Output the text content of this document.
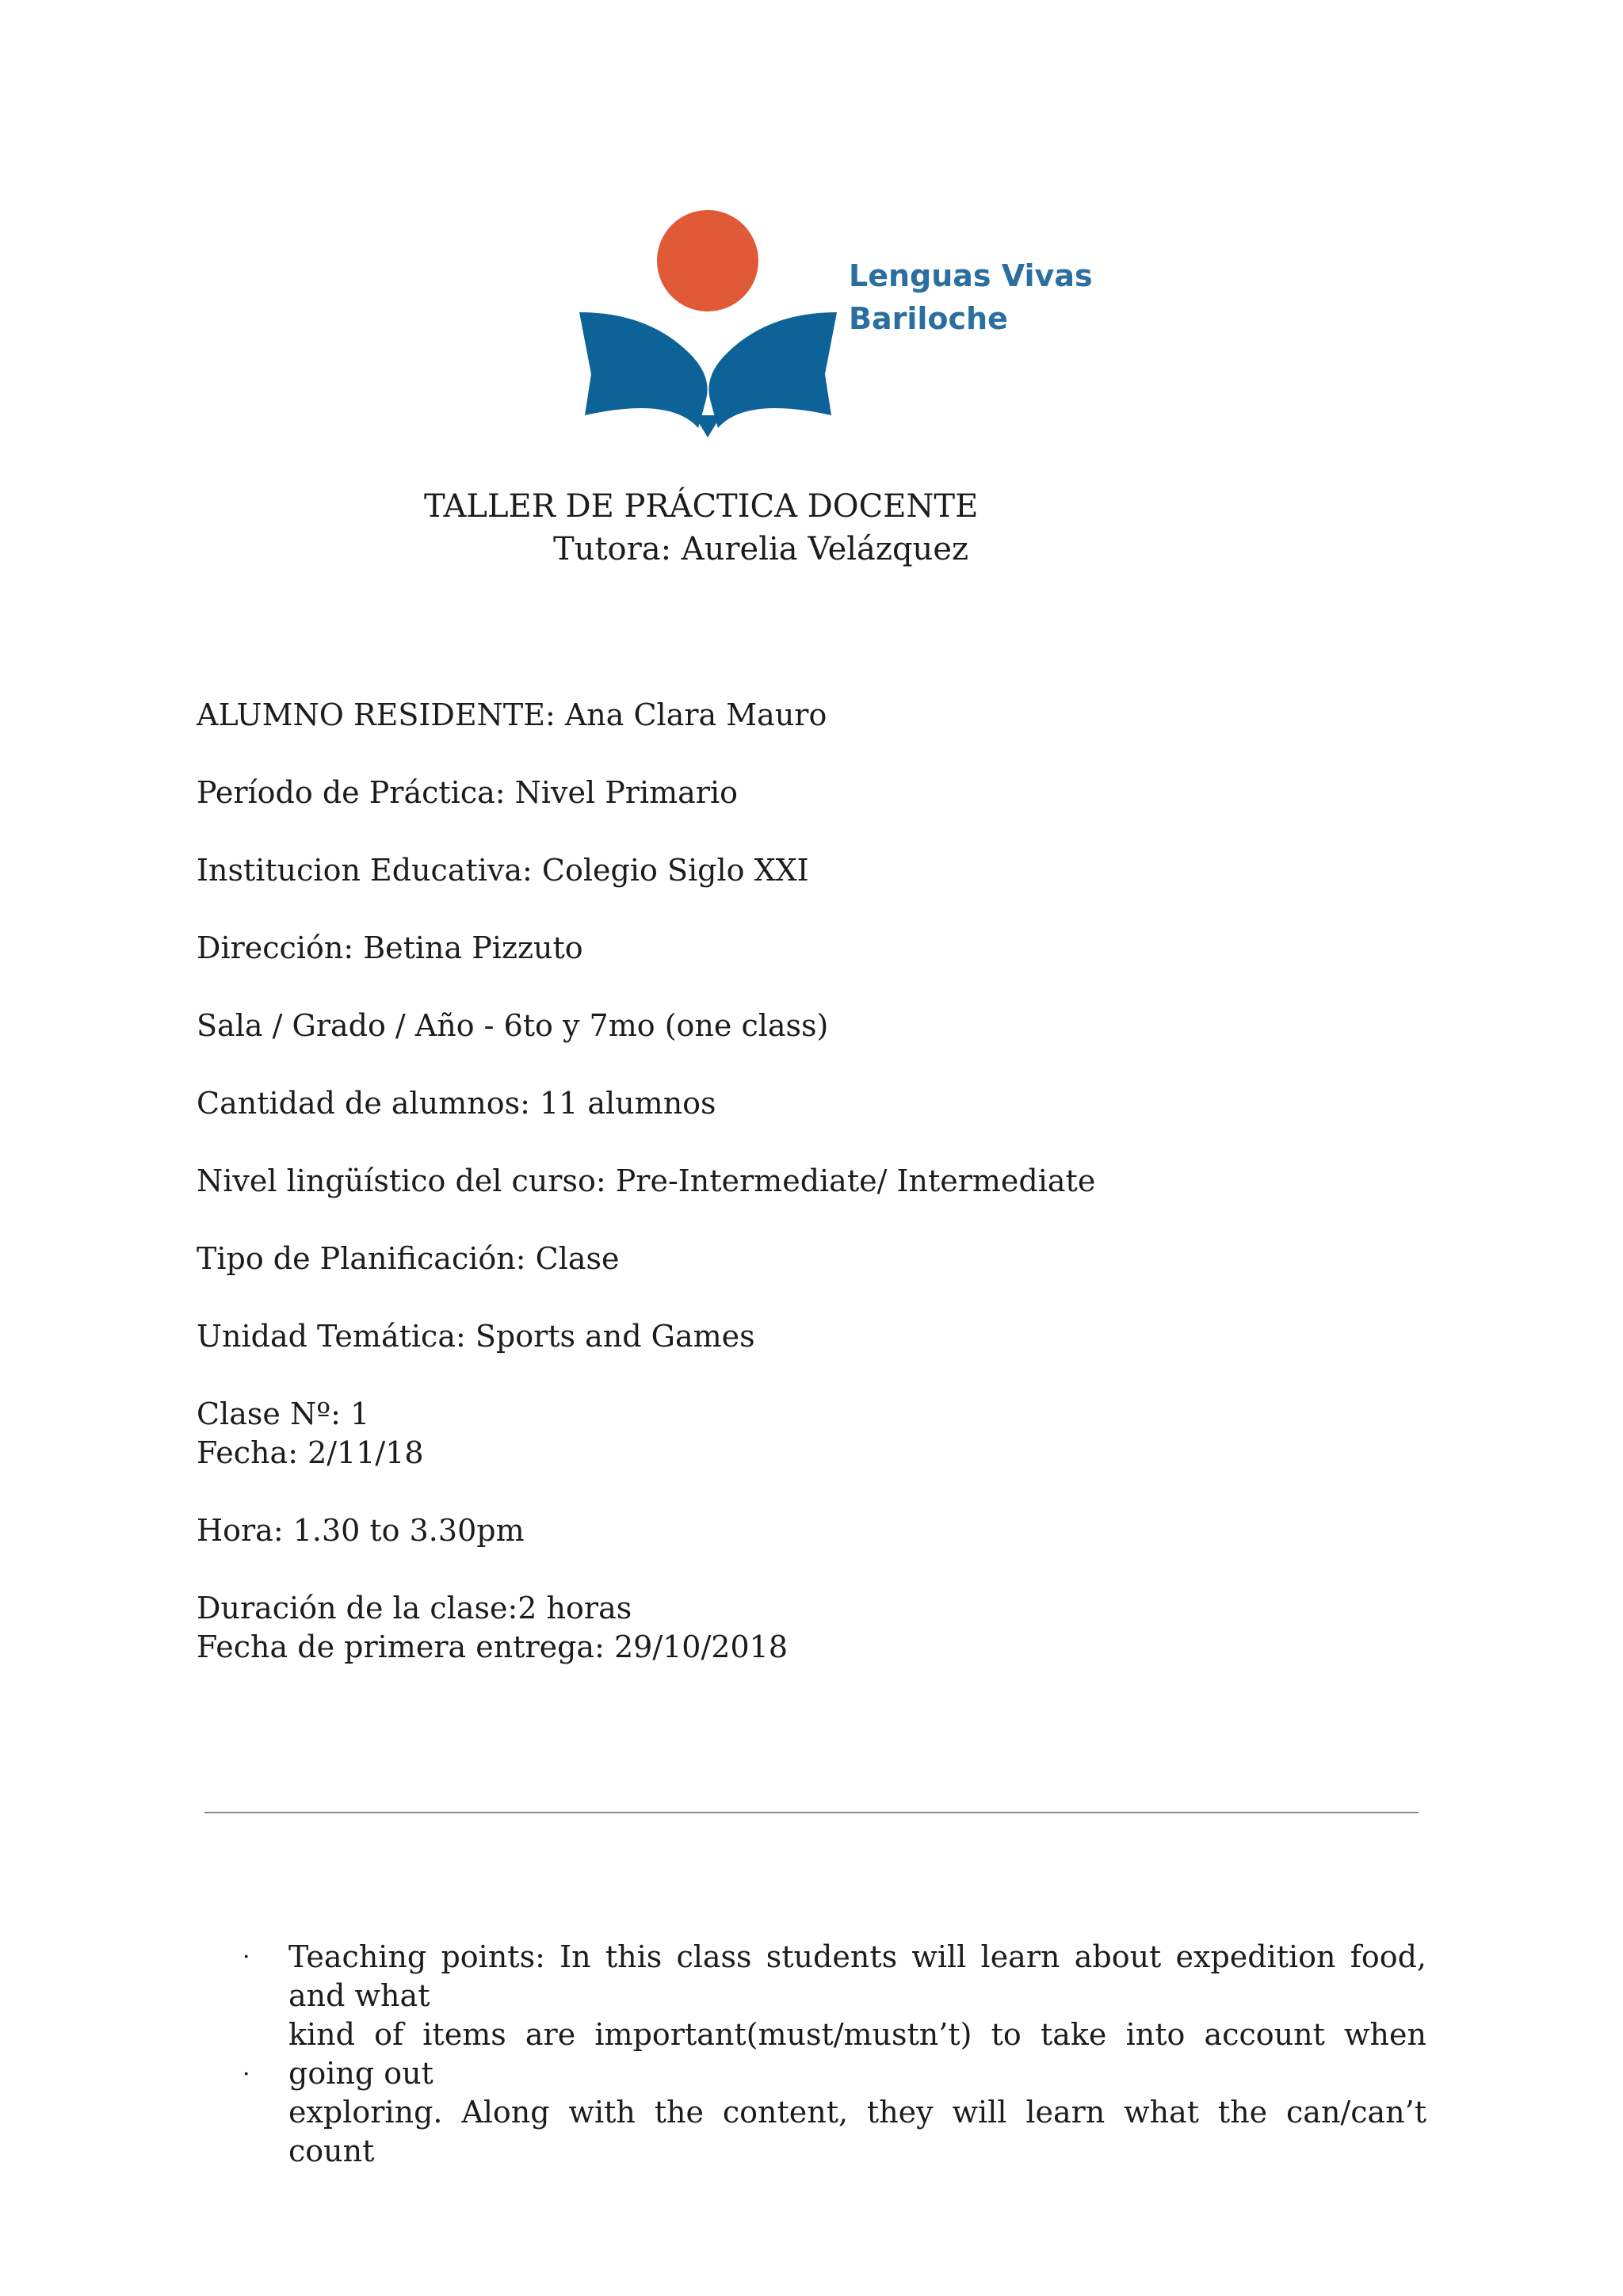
Lenguas Vivas
Bariloche
TALLER DE PRÁCTICA DOCENTE
Tutora: Aurelia Velázquez
ALUMNO RESIDENTE: Ana Clara Mauro
Período de Práctica: Nivel Primario
Institucion Educativa: Colegio Siglo XXI
Dirección: Betina Pizzuto
Sala / Grado / Año - 6to y 7mo (one class)
Cantidad de alumnos: 11 alumnos
Nivel lingüístico del curso: Pre-Intermediate/ Intermediate
Tipo de Planificación: Clase
Unidad Temática: Sports and Games
Clase Nº: 1
Fecha: 2/11/18
Hora: 1.30 to 3.30pm
Duración de la clase:2 horas
Fecha de primera entrega: 29/10/2018
· Teaching points: In this class students will learn about expedition food, and what
kind of items are important(must/mustn’t) to take into account when going out
exploring. Along with the content, they will learn what the can/can’t count
·
